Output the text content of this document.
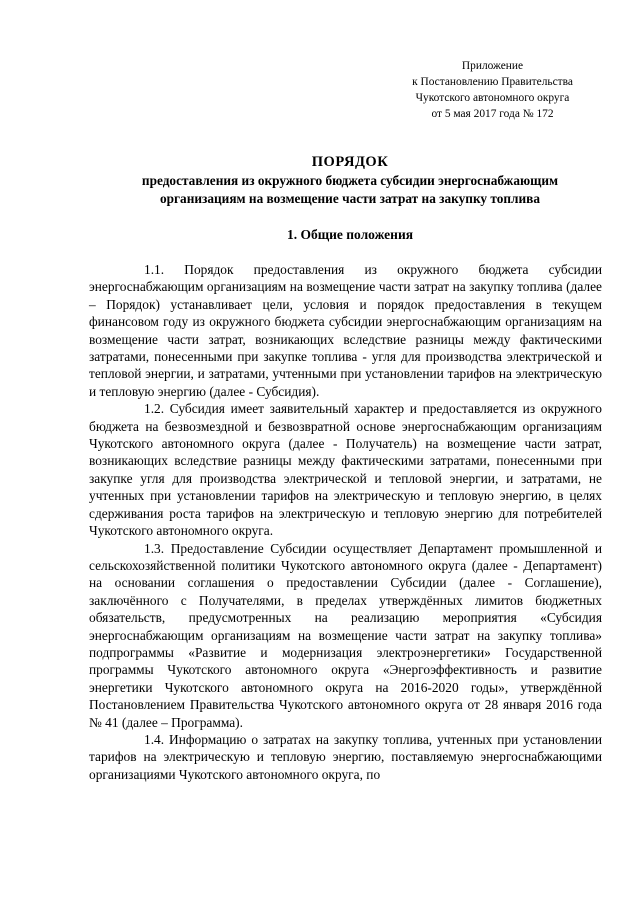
Приложение
к Постановлению Правительства
Чукотского автономного округа
от 5 мая 2017 года № 172
ПОРЯДОК
предоставления из окружного бюджета субсидии энергоснабжающим
организациям на возмещение части затрат на закупку топлива
1. Общие положения

1.1. Порядок предоставления из окружного бюджета субсидии энергоснабжающим организациям на возмещение части затрат на закупку топлива (далее – Порядок) устанавливает цели, условия и порядок предоставления в текущем финансовом году из окружного бюджета субсидии энергоснабжающим организациям на возмещение части затрат, возникающих вследствие разницы между фактическими затратами, понесенными при закупке топлива - угля для производства электрической и тепловой энергии, и затратами, учтенными при установлении тарифов на электрическую и тепловую энергию (далее - Субсидия).

1.2. Субсидия имеет заявительный характер и предоставляется из окружного бюджета на безвозмездной и безвозвратной основе энергоснабжающим организациям Чукотского автономного округа (далее - Получатель) на возмещение части затрат, возникающих вследствие разницы между фактическими затратами, понесенными при закупке угля для производства электрической и тепловой энергии, и затратами, не учтенных при установлении тарифов на электрическую и тепловую энергию, в целях сдерживания роста тарифов на электрическую и тепловую энергию для потребителей Чукотского автономного округа.

1.3. Предоставление Субсидии осуществляет Департамент промышленной и сельскохозяйственной политики Чукотского автономного округа (далее - Департамент) на основании соглашения о предоставлении Субсидии (далее - Соглашение), заключённого с Получателями, в пределах утверждённых лимитов бюджетных обязательств, предусмотренных на реализацию мероприятия «Субсидия энергоснабжающим организациям на возмещение части затрат на закупку топлива» подпрограммы «Развитие и модернизация электроэнергетики» Государственной программы Чукотского автономного округа «Энергоэффективность и развитие энергетики Чукотского автономного округа на 2016-2020 годы», утверждённой Постановлением Правительства Чукотского автономного округа от 28 января 2016 года № 41 (далее – Программа).

1.4. Информацию о затратах на закупку топлива, учтенных при установлении тарифов на электрическую и тепловую энергию, поставляемую энергоснабжающими организациями Чукотского автономного округа, по
